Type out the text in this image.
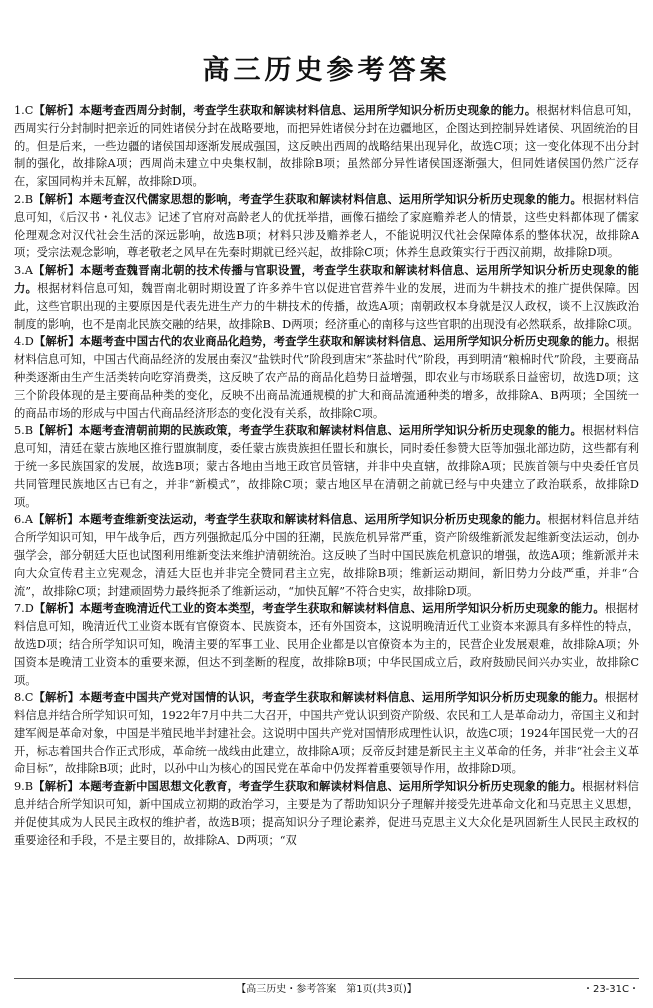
高三历史参考答案

1.C【解析】本题考查西周分封制，考查学生获取和解读材料信息、运用所学知识分析历史现象的能力。根据材料信息可知，西周实行分封制时把亲近的同姓诸侯分封在战略要地，而把异姓诸侯分封在边疆地区，企图达到控制异姓诸侯、巩固统治的目的。但是后来，一些边疆的诸侯国却逐渐发展成强国，这反映出西周的战略结果出现异化，故选C项；这一变化体现不出分封制的强化，故排除A项；西周尚未建立中央集权制，故排除B项；虽然部分异性诸侯国逐渐强大，但同姓诸侯国仍然广泛存在，家国同构并未瓦解，故排除D项。

2.B【解析】本题考查汉代儒家思想的影响，考查学生获取和解读材料信息、运用所学知识分析历史现象的能力。根据材料信息可知，《后汉书・礼仪志》记述了官府对高龄老人的优抚举措，画像石描绘了家庭赡养老人的情景，这些史料都体现了儒家伦理观念对汉代社会生活的深远影响，故选B项；材料只涉及赡养老人，不能说明汉代社会保障体系的整体状况，故排除A项；受宗法观念影响，尊老敬老之风早在先秦时期就已经兴起，故排除C项；休养生息政策实行于西汉前期，故排除D项。

3.A【解析】本题考查魏晋南北朝的技术传播与官职设置，考查学生获取和解读材料信息、运用所学知识分析历史现象的能力。根据材料信息可知，魏晋南北朝时期设置了许多养牛官以促进官营养牛业的发展，进而为牛耕技术的推广提供保障。因此，这些官职出现的主要原因是代表先进生产力的牛耕技术的传播，故选A项；南朝政权本身就是汉人政权，谈不上汉族政治制度的影响，也不是南北民族交融的结果，故排除B、D两项；经济重心的南移与这些官职的出现没有必然联系，故排除C项。

4.D【解析】本题考查中国古代的农业商品化趋势，考查学生获取和解读材料信息、运用所学知识分析历史现象的能力。根据材料信息可知，中国古代商品经济的发展由秦汉“盐铁时代”阶段到唐宋“茶盐时代”阶段，再到明清“粮棉时代”阶段，主要商品种类逐渐由生产生活类转向吃穿消费类，这反映了农产品的商品化趋势日益增强，即农业与市场联系日益密切，故选D项；这三个阶段体现的是主要商品种类的变化，反映不出商品流通规模的扩大和商品流通种类的增多，故排除A、B两项；全国统一的商品市场的形成与中国古代商品经济形态的变化没有关系，故排除C项。

5.B【解析】本题考查清朝前期的民族政策，考查学生获取和解读材料信息、运用所学知识分析历史现象的能力。根据材料信息可知，清廷在蒙古族地区推行盟旗制度，委任蒙古族贵族担任盟长和旗长，同时委任参赞大臣等加强北部边防，这些都有利于统一多民族国家的发展，故选B项；蒙古各地由当地王政官员管辖，并非中央直辖，故排除A项；民族首领与中央委任官员共同管理民族地区古已有之，并非“新模式”，故排除C项；蒙古地区早在清朝之前就已经与中央建立了政治联系，故排除D项。

6.A【解析】本题考查维新变法运动，考查学生获取和解读材料信息、运用所学知识分析历史现象的能力。根据材料信息并结合所学知识可知，甲午战争后，西方列强掀起瓜分中国的狂潮，民族危机异常严重，资产阶级维新派发起维新变法运动，创办强学会，部分朝廷大臣也试图利用维新变法来维护清朝统治。这反映了当时中国民族危机意识的增强，故选A项；维新派并未向大众宣传君主立宪观念，清廷大臣也并非完全赞同君主立宪，故排除B项；维新运动期间，新旧势力分歧严重，并非“合流”，故排除C项；封建顽固势力最终扼杀了维新运动，“加快瓦解”不符合史实，故排除D项。

7.D【解析】本题考查晚清近代工业的资本类型，考查学生获取和解读材料信息、运用所学知识分析历史现象的能力。根据材料信息可知，晚清近代工业资本既有官僚资本、民族资本，还有外国资本，这说明晚清近代工业资本来源具有多样性的特点，故选D项；结合所学知识可知，晚清主要的军事工业、民用企业都是以官僚资本为主的，民营企业发展艰难，故排除A项；外国资本是晚清工业资本的重要来源，但达不到垄断的程度，故排除B项；中华民国成立后，政府鼓励民间兴办实业，故排除C项。

8.C【解析】本题考查中国共产党对国情的认识，考查学生获取和解读材料信息、运用所学知识分析历史现象的能力。根据材料信息并结合所学知识可知，1922年7月中共二大召开，中国共产党认识到资产阶级、农民和工人是革命动力，帝国主义和封建军阀是革命对象，中国是半殖民地半封建社会。这说明中国共产党对国情形成理性认识，故选C项；1924年国民党一大的召开，标志着国共合作正式形成，革命统一战线由此建立，故排除A项；反帝反封建是新民主主义革命的任务，并非“社会主义革命目标”，故排除B项；此时，以孙中山为核心的国民党在革命中仍发挥着重要领导作用，故排除D项。

9.B【解析】本题考查新中国思想文化教育，考查学生获取和解读材料信息、运用所学知识分析历史现象的能力。根据材料信息并结合所学知识可知，新中国成立初期的政治学习，主要是为了帮助知识分子理解并接受先进革命文化和马克思主义思想，并促使其成为人民民主政权的维护者，故选B项；提高知识分子理论素养，促进马克思主义大众化是巩固新生人民民主政权的重要途径和手段，不是主要目的，故排除A、D两项；“双

【高三历史・参考答案　第1页(共3页)】	・23-31C・
